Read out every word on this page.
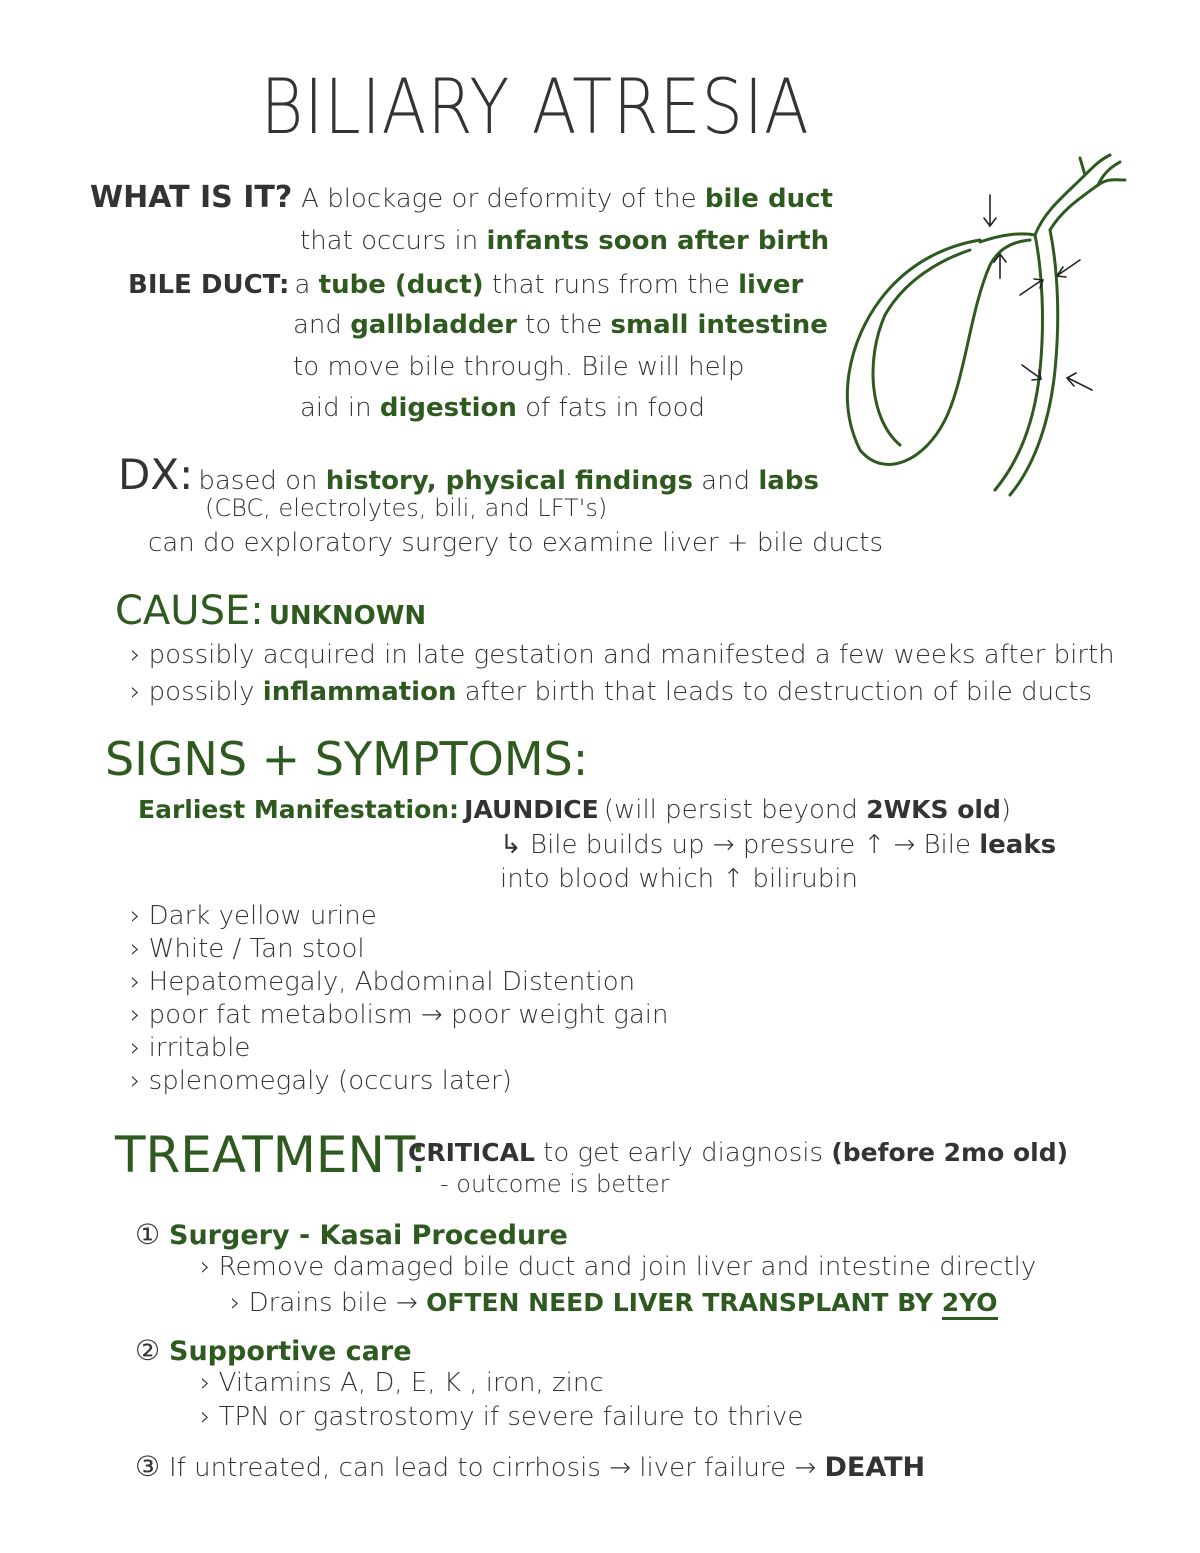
BILIARY ATRESIA
WHAT IS IT? A blockage or deformity of the bile duct
that occurs in infants soon after birth
BILE DUCT: a tube (duct) that runs from the liver
and gallbladder to the small intestine
to move bile through. Bile will help
aid in digestion of fats in food
DX: based on history, physical findings and labs
(CBC, electrolytes, bili, and LFT's)
can do exploratory surgery to examine liver + bile ducts
CAUSE: UNKNOWN
› possibly acquired in late gestation and manifested a few weeks after birth
› possibly inflammation after birth that leads to destruction of bile ducts
SIGNS + SYMPTOMS:
Earliest Manifestation: JAUNDICE (will persist beyond 2WKS old)
↳ Bile builds up → pressure ↑ → Bile leaks
into blood which ↑ bilirubin
› Dark yellow urine
› White / Tan stool
› Hepatomegaly, Abdominal Distention
› poor fat metabolism → poor weight gain
› irritable
› splenomegaly (occurs later)
TREATMENT:
CRITICAL to get early diagnosis (before 2mo old)
- outcome is better
① Surgery - Kasai Procedure
› Remove damaged bile duct and join liver and intestine directly
› Drains bile → OFTEN NEED LIVER TRANSPLANT BY 2YO
② Supportive care
› Vitamins A, D, E, K , iron, zinc
› TPN or gastrostomy if severe failure to thrive
③ If untreated, can lead to cirrhosis → liver failure → DEATH
